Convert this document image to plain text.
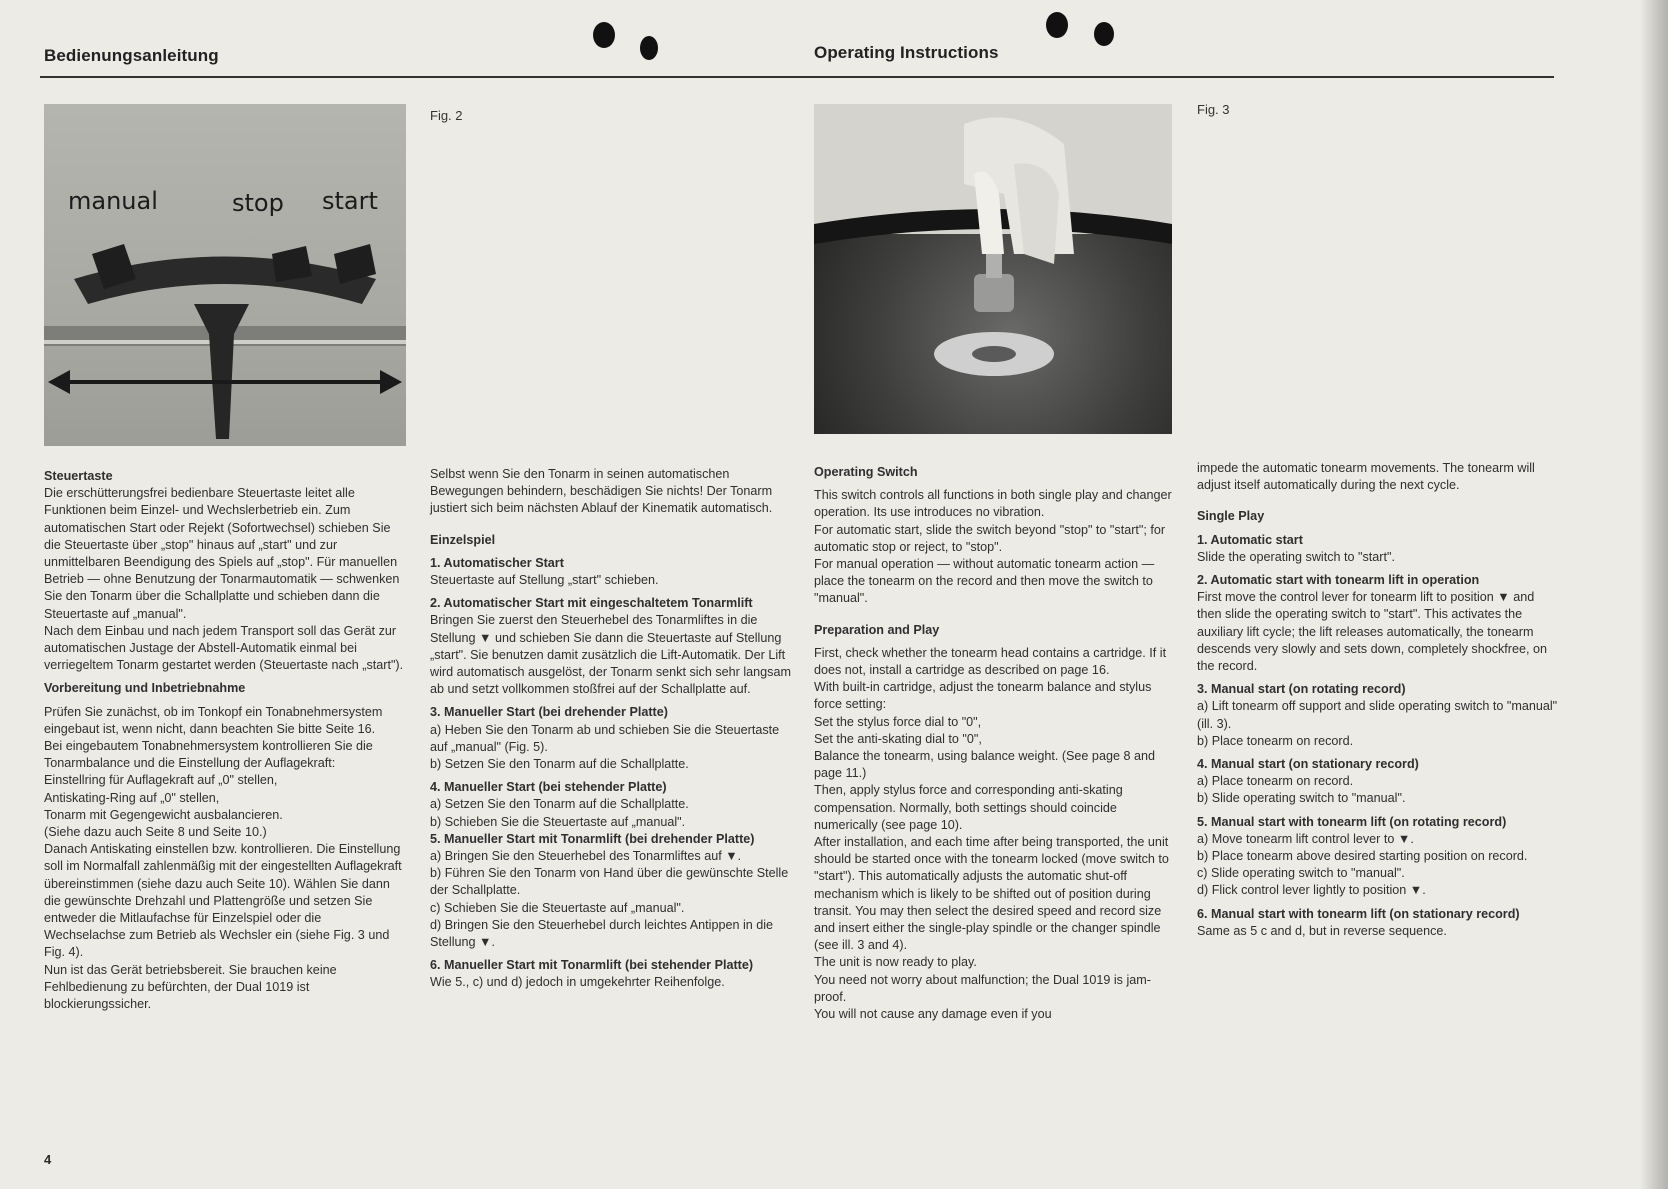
Bedienungsanleitung	Operating Instructions
manual	stop start
Fig. 2	Fig. 3

Steuertaste

Die erschütterungsfrei bedienbare Steuertaste leitet alle Funktionen beim Einzel- und Wechslerbetrieb ein. Zum automatischen Start oder Rejekt (Sofortwechsel) schieben Sie die Steuertaste über „stop" hinaus auf „start" und zur unmittelbaren Beendigung des Spiels auf „stop". Für manuellen Betrieb — ohne Benutzung der Tonarmautomatik — schwenken Sie den Tonarm über die Schallplatte und schieben dann die Steuertaste auf „manual".

Nach dem Einbau und nach jedem Transport soll das Gerät zur automatischen Justage der Abstell-Automatik einmal bei verriegeltem Tonarm gestartet werden (Steuertaste nach „start").

Vorbereitung und Inbetriebnahme

Prüfen Sie zunächst, ob im Tonkopf ein Tonabnehmersystem eingebaut ist, wenn nicht, dann beachten Sie bitte Seite 16.

Bei eingebautem Tonabnehmersystem kontrollieren Sie die Tonarmbalance und die Einstellung der Auflagekraft:

Einstellring für Auflagekraft auf „0" stellen,

Antiskating-Ring auf „0" stellen,

Tonarm mit Gegengewicht ausbalancieren.

(Siehe dazu auch Seite 8 und Seite 10.)

Danach Antiskating einstellen bzw. kontrollieren. Die Einstellung soll im Normalfall zahlenmäßig mit der eingestellten Auflagekraft übereinstimmen (siehe dazu auch Seite 10). Wählen Sie dann die gewünschte Drehzahl und Plattengröße und setzen Sie entweder die Mitlaufachse für Einzelspiel oder die Wechselachse zum Betrieb als Wechsler ein (siehe Fig. 3 und Fig. 4).

Nun ist das Gerät betriebsbereit. Sie brauchen keine Fehlbedienung zu befürchten, der Dual 1019 ist blockierungssicher.

Selbst wenn Sie den Tonarm in seinen automatischen Bewegungen behindern, beschädigen Sie nichts! Der Tonarm justiert sich beim nächsten Ablauf der Kinematik automatisch.

Einzelspiel

1. Automatischer Start

Steuertaste auf Stellung „start" schieben.

2. Automatischer Start mit eingeschaltetem Tonarmlift

Bringen Sie zuerst den Steuerhebel des Tonarmliftes in die Stellung ▼ und schieben Sie dann die Steuertaste auf Stellung „start". Sie benutzen damit zusätzlich die Lift-Automatik. Der Lift wird automatisch ausgelöst, der Tonarm senkt sich sehr langsam ab und setzt vollkommen stoßfrei auf der Schallplatte auf.

3. Manueller Start (bei drehender Platte)

a) Heben Sie den Tonarm ab und schieben Sie die Steuertaste auf „manual" (Fig. 5).

b) Setzen Sie den Tonarm auf die Schallplatte.

4. Manueller Start (bei stehender Platte)

a) Setzen Sie den Tonarm auf die Schallplatte.

b) Schieben Sie die Steuertaste auf „manual".

5. Manueller Start mit Tonarmlift (bei drehender Platte)

a) Bringen Sie den Steuerhebel des Tonarmliftes auf ▼.

b) Führen Sie den Tonarm von Hand über die gewünschte Stelle der Schallplatte.

c) Schieben Sie die Steuertaste auf „manual".

d) Bringen Sie den Steuerhebel durch leichtes Antippen in die Stellung ▼.

6. Manueller Start mit Tonarmlift (bei stehender Platte)

Wie 5., c) und d) jedoch in umgekehrter Reihenfolge.

Operating Switch

This switch controls all functions in both single play and changer operation. Its use introduces no vibration.

For automatic start, slide the switch beyond "stop" to "start"; for automatic stop or reject, to "stop".

For manual operation — without automatic tonearm action — place the tonearm on the record and then move the switch to "manual".

Preparation and Play

First, check whether the tonearm head contains a cartridge. If it does not, install a cartridge as described on page 16.

With built-in cartridge, adjust the tonearm balance and stylus force setting:

Set the stylus force dial to "0",

Set the anti-skating dial to "0",

Balance the tonearm, using balance weight. (See page 8 and page 11.)

Then, apply stylus force and corresponding anti-skating compensation. Normally, both settings should coincide numerically (see page 10).

After installation, and each time after being transported, the unit should be started once with the tonearm locked (move switch to "start"). This automatically adjusts the automatic shut-off mechanism which is likely to be shifted out of position during transit. You may then select the desired speed and record size and insert either the single-play spindle or the changer spindle (see ill. 3 and 4).

The unit is now ready to play.

You need not worry about malfunction; the Dual 1019 is jam-proof.

You will not cause any damage even if you

impede the automatic tonearm movements. The tonearm will adjust itself automatically during the next cycle.

Single Play

1. Automatic start

Slide the operating switch to "start".

2. Automatic start with tonearm lift in operation

First move the control lever for tonearm lift to position ▼ and then slide the operating switch to "start". This activates the auxiliary lift cycle; the lift releases automatically, the tonearm descends very slowly and sets down, completely shockfree, on the record.

3. Manual start (on rotating record)

a) Lift tonearm off support and slide operating switch to "manual" (ill. 3).

b) Place tonearm on record.

4. Manual start (on stationary record)

a) Place tonearm on record.

b) Slide operating switch to "manual".

5. Manual start with tonearm lift (on rotating record)

a) Move tonearm lift control lever to ▼.

b) Place tonearm above desired starting position on record.

c) Slide operating switch to "manual".

d) Flick control lever lightly to position ▼.

6. Manual start with tonearm lift (on stationary record)

Same as 5 c and d, but in reverse sequence.

4
